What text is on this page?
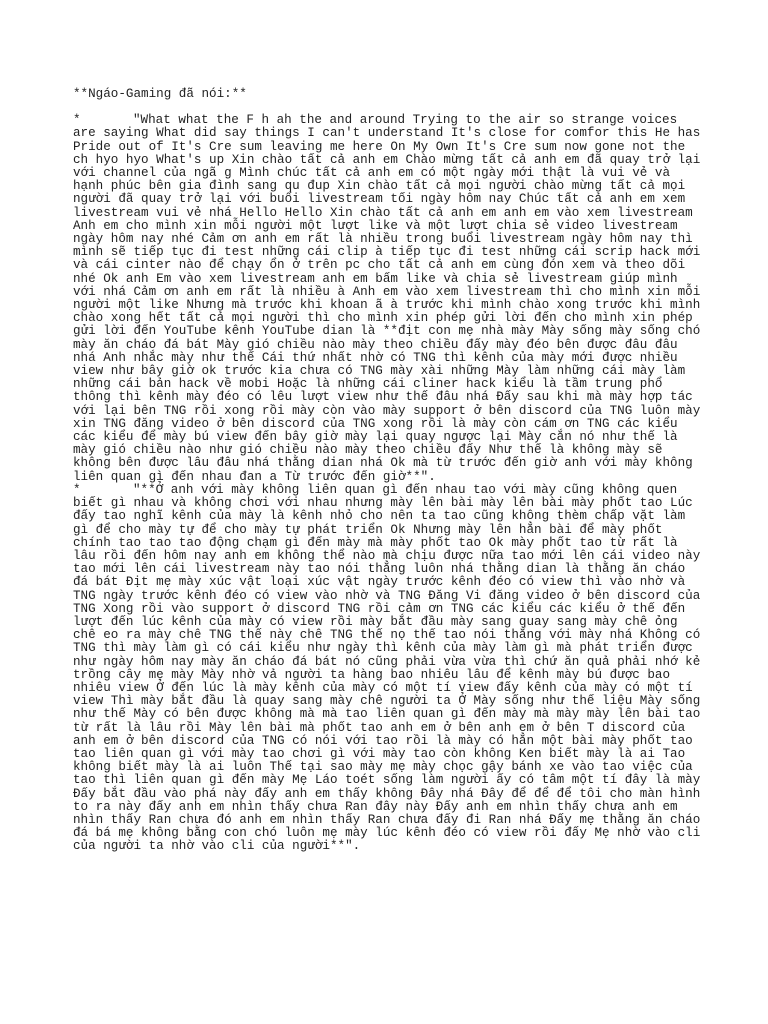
**Ngáo-Gaming đã nói:**
*	"What what the F h ah the and around Trying to the air so strange voices are saying What did say things I can't understand It's close for comfor this He has Pride out of It's Cre sum leaving me here On My Own It's Cre sum now gone not the ch hyo hyo What's up Xin chào tất cả anh em Chào mừng tất cả anh em đã quay trở lại với channel của ngã g Mình chúc tất cả anh em có một ngày mới thật là vui vẻ và hạnh phúc bên gia đình sang qu đup Xin chào tất cả mọi người chào mừng tất cả mọi người đã quay trở lại với buổi livestream tối ngày hôm nay Chúc tất cả anh em xem livestream vui vẻ nhá Hello Hello Xin chào tất cả anh em anh em vào xem livestream Anh em cho mình xin mỗi người một lượt like và một lượt chia sẻ video livestream ngày hôm nay nhé Cảm ơn anh em rất là nhiều trong buổi livestream ngày hôm nay thì mình sẽ tiếp tục đi test những cái clip à tiếp tục đi test những cái scrip hack mới và cái cinter nào để chạy ổn ở trên pc cho tất cả anh em cùng đón xem và theo dõi nhé Ok anh Em vào xem livestream anh em bấm like và chia sẻ livestream giúp mình với nhá Cảm ơn anh em rất là nhiều à Anh em vào xem livestream thì cho mình xin mỗi người một like Nhưng mà trước khi khoan ã à trước khi mình chào xong trước khi mình chào xong hết tất cả mọi người thì cho mình xin phép gửi lời đến cho mình xin phép gửi lời đến YouTube kênh YouTube dian là **địt con mẹ nhà mày Mày sống mày sống chó mày ăn cháo đá bát Mày gió chiều nào mày theo chiều đấy mày đéo bên được đâu đâu nhá Anh nhắc mày như thế Cái thứ nhất nhờ có TNG thì kênh của mày mới được nhiều view như bây giờ ok trước kia chưa có TNG mày xài những Mày làm những cái mày làm những cái bản hack về mobi Hoặc là những cái cliner hack kiểu là tầm trung phổ thông thì kênh mày đéo có lêu lượt view như thế đâu nhá Đấy sau khi mà mày hợp tác với lại bên TNG rồi xong rồi mày còn vào mày support ở bên discord của TNG luôn mày xin TNG đăng video ở bên discord của TNG xong rồi là mày còn cám ơn TNG các kiểu các kiểu để mày bú view đến bây giờ mày lại quay ngược lại Mày cắn nó như thế là mày gió chiều nào như gió chiều nào mày theo chiều đấy Như thế là không mày sẽ không bên được lâu đâu nhá thằng dian nhá Ok mà từ trước đến giờ anh với mày không liên quan gì đến nhau đan a Từ trước đến giờ**".
*	"**Ở anh với mày không liên quan gì đến nhau tao với mày cũng không quen biết gì nhau và không chơi với nhau nhưng mày lên bài mày lên bài mày phốt tao Lúc đấy tao nghĩ kênh của mày là kênh nhỏ cho nên ta tao cũng không thèm chấp vặt làm gì để cho mày tự để cho mày tự phát triển Ok Nhưng mày lên hẳn bài để mày phốt chính tao tao tao động chạm gì đến mày mà mày phốt tao Ok mày phốt tao từ rất là lâu rồi đến hôm nay anh em không thể nào mà chịu được nữa tao mới lên cái video này tao mới lên cái livestream này tao nói thẳng luôn nhá thằng dian là thằng ăn cháo đá bát Địt mẹ mày xúc vật loại xúc vật ngày trước kênh đéo có view thì vào nhờ và TNG ngày trước kênh đéo có view vào nhờ và TNG Đăng Vi đăng video ở bên discord của TNG Xong rồi vào support ở discord TNG rồi cảm ơn TNG các kiểu các kiểu ở thế đến lượt đến lúc kênh của mày có view rồi mày bắt đầu mày sang quay sang mày chê ỏng chê eo ra mày chê TNG thế này chê TNG thế nọ thế tao nói thẳng với mày nhá Không có TNG thì mày làm gì có cái kiểu như ngày thì kênh của mày làm gì mà phát triển được như ngày hôm nay mày ăn cháo đá bát nó cũng phải vừa vừa thì chứ ăn quả phải nhớ kẻ trồng cây mẹ mày Mày nhờ vả người ta hàng bao nhiêu lâu để kênh mày bú được bao nhiêu view Ở đến lúc là mày kênh của mày có một tí view đấy kênh của mày có một tí view Thì mày bắt đầu là quay sang mày chê người ta Ở Mày sống như thế liệu Mày sống như thế Mày có bên được không mà mà tao liên quan gì đến mày mà mày mày lên bài tao từ rất là lâu rồi Mày lên bài mà phốt tao anh em ở bên anh em ở bên T discord của anh em ở bên discord của TNG có nói với tao rồi là mày có hẳn một bài mày phốt tao tao liên quan gì với mày tao chơi gì với mày tao còn không Ken biết mày là ai Tao không biết mày là ai luôn Thế tại sao mày mẹ mày chọc gậy bánh xe vào tao việc của tao thì liên quan gì đến mày Mẹ Láo toét sống làm người ấy có tâm một tí đây là mày Đấy bắt đầu vào phá này đấy anh em thấy không Đây nhá Đây để để để tôi cho màn hình to ra này đấy anh em nhìn thấy chưa Ran đây này Đấy anh em nhìn thấy chưa anh em nhìn thấy Ran chưa đó anh em nhìn thấy Ran chưa đấy đi Ran nhá Đấy mẹ thằng ăn cháo đá bá mẹ không bằng con chó luôn mẹ mày lúc kênh đéo có view rồi đấy Mẹ nhờ vào cli của người ta nhờ vào cli của người**".
